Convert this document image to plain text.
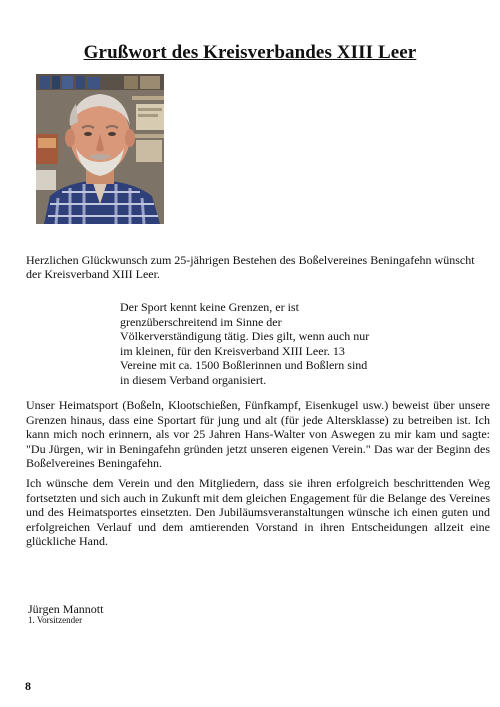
Grußwort des Kreisverbandes XIII Leer
Herzlichen Glückwunsch zum 25-jährigen Bestehen des Boßelvereines Beningafehn wünscht der Kreisverband XIII Leer.
Der Sport kennt keine Grenzen, er ist grenzüberschreitend im Sinne der Völkerverständigung tätig. Dies gilt, wenn auch nur im kleinen, für den Kreisverband XIII Leer. 13 Vereine mit ca. 1500 Boßlerinnen und Boßlern sind in diesem Verband organisiert.
Unser Heimatsport (Boßeln, Klootschießen, Fünfkampf, Eisenkugel usw.) beweist über unsere Grenzen hinaus, dass eine Sportart für jung und alt (für jede Altersklasse) zu betreiben ist. Ich kann mich noch erinnern, als vor 25 Jahren Hans-Walter von Aswegen zu mir kam und sagte: "Du Jürgen, wir in Beningafehn gründen jetzt unseren eigenen Verein." Das war der Beginn des Boßelvereines Beningafehn.
Ich wünsche dem Verein und den Mitgliedern, dass sie ihren erfolgreich beschrittenden Weg fortsetzten und sich auch in Zukunft mit dem gleichen Engagement für die Belange des Vereines und des Heimatsportes einsetzten. Den Jubiläumsveranstaltungen wünsche ich einen guten und erfolgreichen Verlauf und dem amtierenden Vorstand in ihren Entscheidungen allzeit eine glückliche Hand.
Jürgen Mannott
1. Vorsitzender
8
